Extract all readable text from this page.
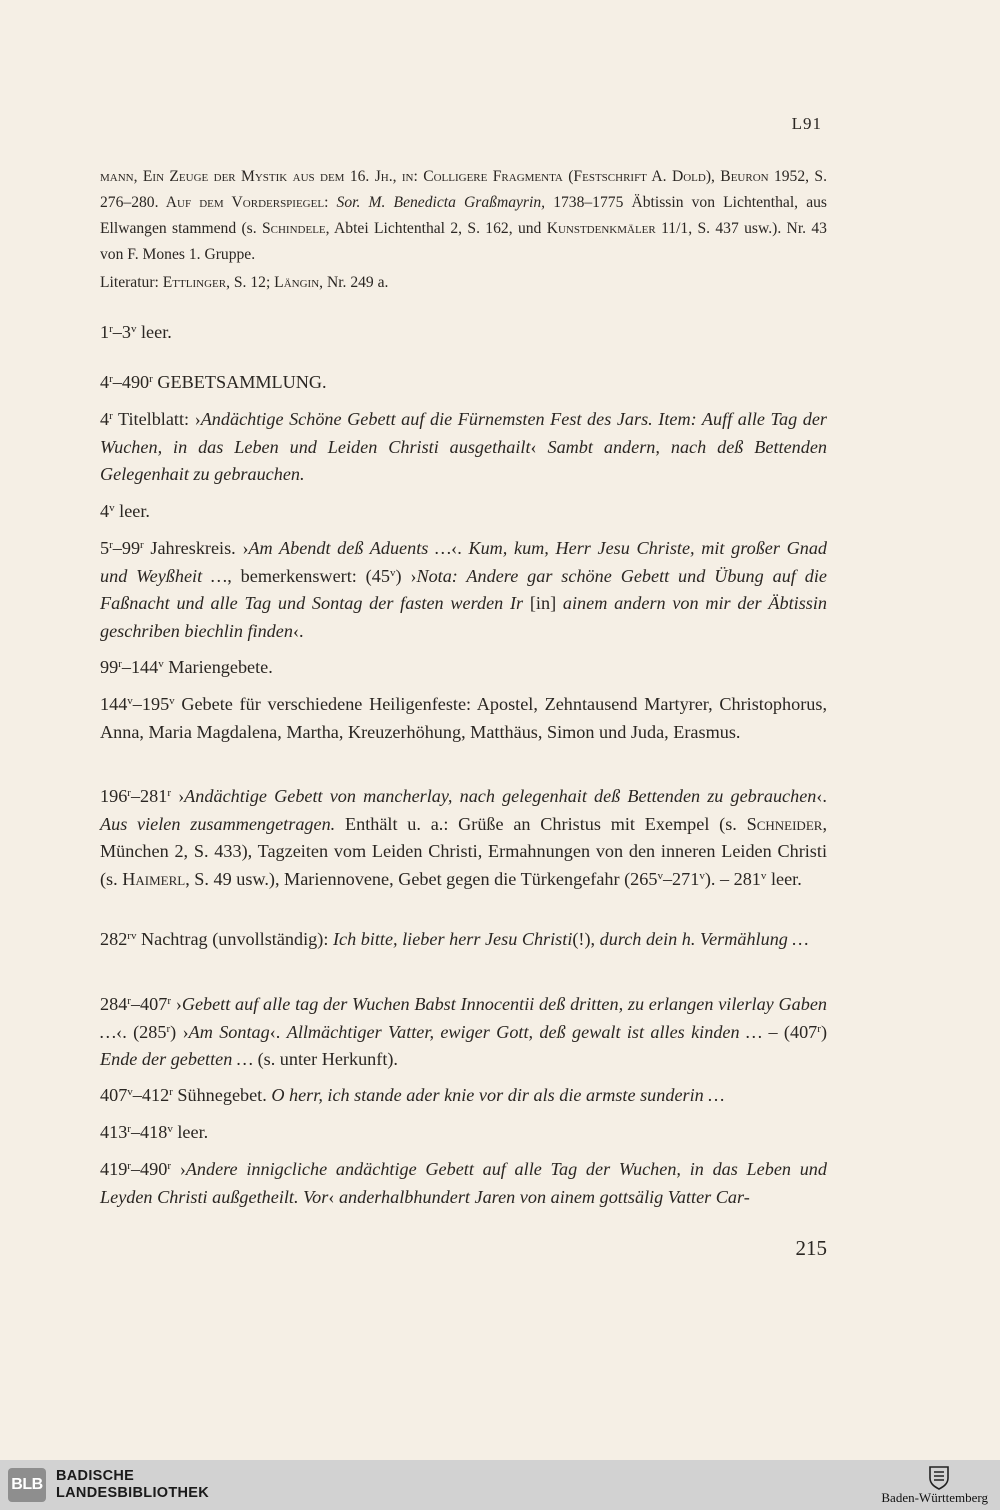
L91

mann, Ein Zeuge der Mystik aus dem 16. Jh., in: Colligere Fragmenta (Festschrift A. Dold), Beuron 1952, S. 276–280. Auf dem Vorderspiegel: Sor. M. Benedicta Graßmayrin, 1738–1775 Äbtissin von Lichtenthal, aus Ellwangen stammend (s. Schindele, Abtei Lichtenthal 2, S. 162, und Kunstdenkmäler 11/1, S. 437 usw.). Nr. 43 von F. Mones 1. Gruppe.

Literatur: Ettlinger, S. 12; Längin, Nr. 249 a.

1$^r$–3$^v$ leer.

4$^r$–490$^r$ GEBETSAMMLUNG.

4$^r$ Titelblatt: ›Andächtige Schöne Gebett auf die Fürnemsten Fest des Jars. Item: Auff alle Tag der Wuchen, in das Leben und Leiden Christi ausgethailt‹ Sambt andern, nach deß Bettenden Gelegenhait zu gebrauchen.

4$^v$ leer.

5$^r$–99$^r$ Jahreskreis. ›Am Abendt deß Aduents …‹. Kum, kum, Herr Jesu Christe, mit großer Gnad und Weyßheit …, bemerkenswert: (45$^v$) ›Nota: Andere gar schöne Gebett und Übung auf die Faßnacht und alle Tag und Sontag der fasten werden Ir [in] ainem andern von mir der Äbtissin geschriben biechlin finden‹.

99$^r$–144$^v$ Mariengebete.

144$^v$–195$^v$ Gebete für verschiedene Heiligenfeste: Apostel, Zehntausend Martyrer, Christophorus, Anna, Maria Magdalena, Martha, Kreuzerhöhung, Matthäus, Simon und Juda, Erasmus.

196$^r$–281$^r$ ›Andächtige Gebett von mancherlay, nach gelegenhait deß Bettenden zu gebrauchen‹. Aus vielen zusammengetragen. Enthält u. a.: Grüße an Christus mit Exempel (s. Schneider, München 2, S. 433), Tagzeiten vom Leiden Christi, Ermahnungen von den inneren Leiden Christi (s. Haimerl, S. 49 usw.), Mariennovene, Gebet gegen die Türkengefahr (265$^v$–271$^v$). – 281$^v$ leer.

$282^{rv}$ Nachtrag (unvollständig): Ich bitte, lieber herr Jesu Christi(!), durch dein h. Vermählung …

284$^r$–407$^r$ ›Gebett auf alle tag der Wuchen Babst Innocentii deß dritten, zu erlangen vilerlay Gaben …‹. (285$^r$) ›Am Sontag‹. Allmächtiger Vatter, ewiger Gott, deß gewalt ist alles kinden … – (407$^r$) Ende der gebetten … (s. unter Herkunft).

407$^v$–412$^r$ Sühnegebet. O herr, ich stande ader knie vor dir als die armste sunderin …

413$^r$–418$^v$ leer.

419$^r$–490$^r$ ›Andere innigcliche andächtige Gebett auf alle Tag der Wuchen, in das Leben und Leyden Christi außgetheilt. Vor‹ anderhalbhundert Jaren von ainem gottsälig Vatter Car-

215
BLB BADISCHE
LANDESBIBLIOTHEK	Baden-Württemberg
